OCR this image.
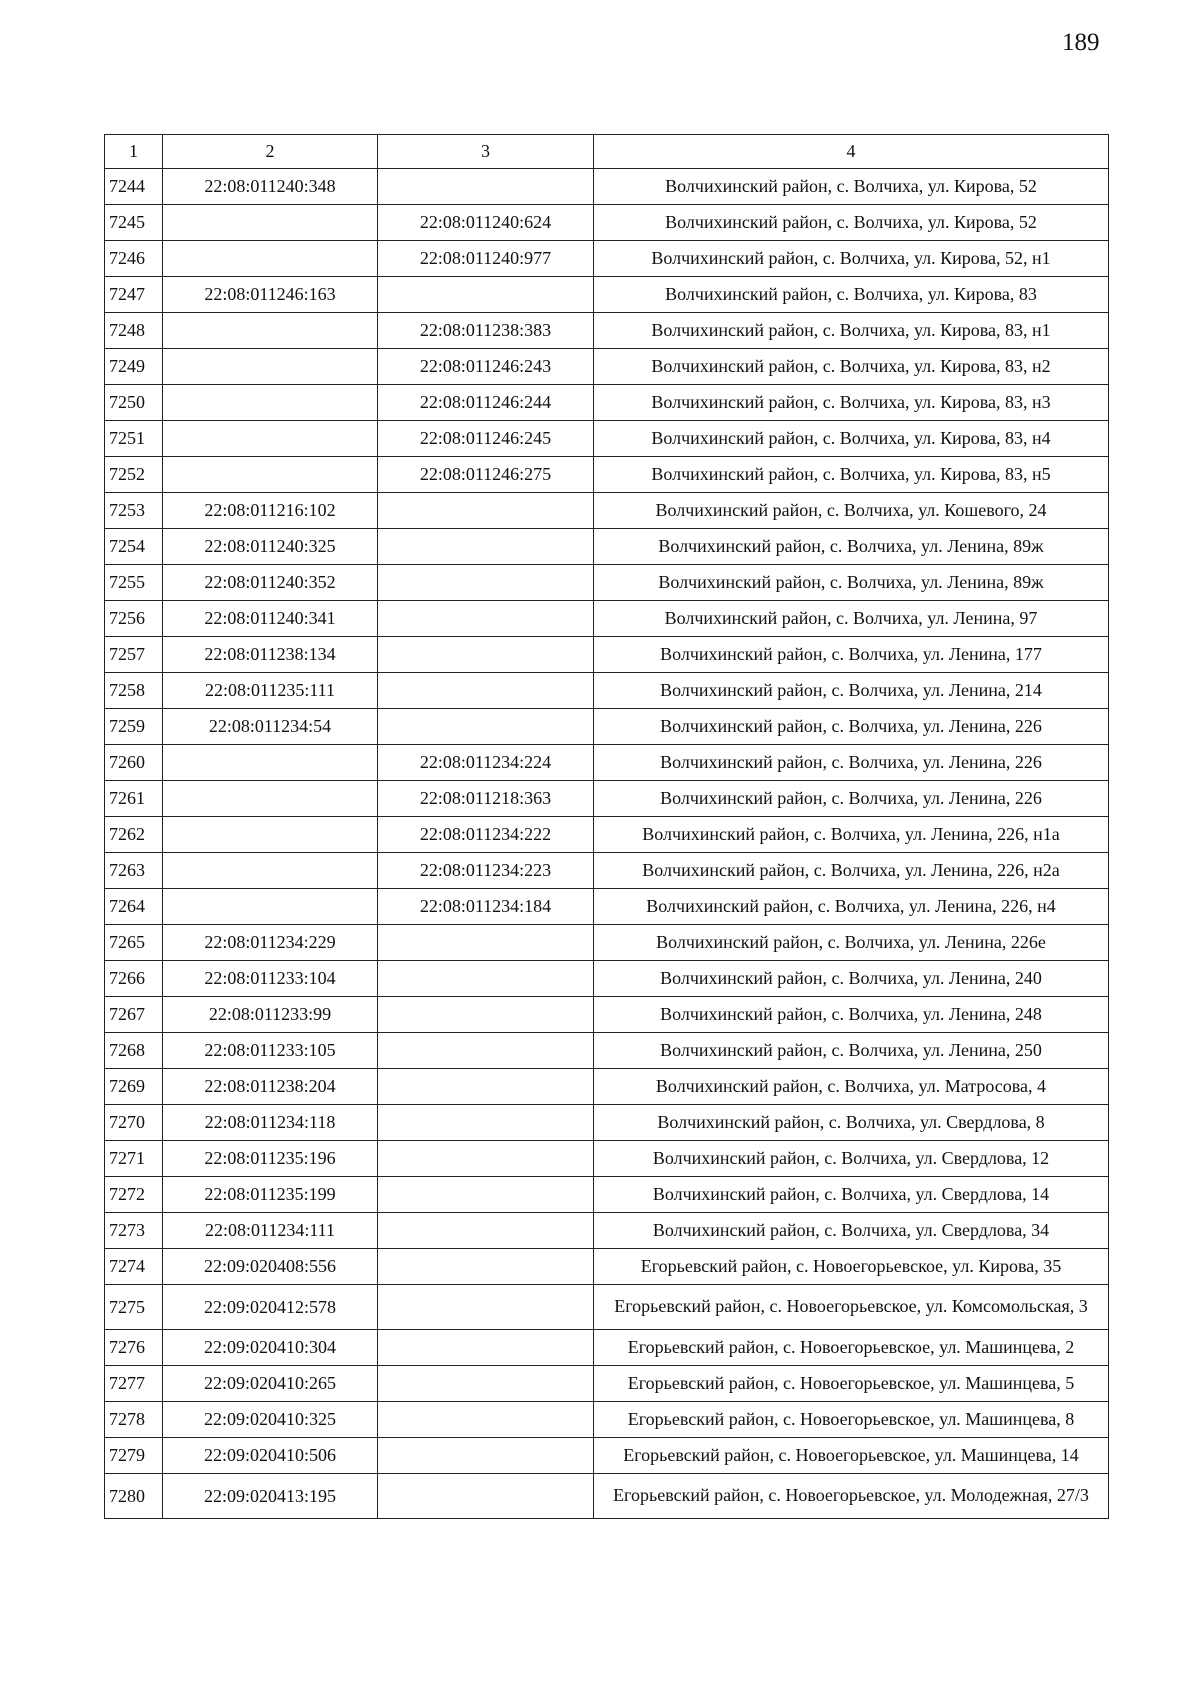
189
1	2	3	4
7244	22:08:011240:348		Волчихинский район, с. Волчиха, ул. Кирова, 52
7245		22:08:011240:624	Волчихинский район, с. Волчиха, ул. Кирова, 52
7246		22:08:011240:977	Волчихинский район, с. Волчиха, ул. Кирова, 52, н1
7247	22:08:011246:163		Волчихинский район, с. Волчиха, ул. Кирова, 83
7248		22:08:011238:383	Волчихинский район, с. Волчиха, ул. Кирова, 83, н1
7249		22:08:011246:243	Волчихинский район, с. Волчиха, ул. Кирова, 83, н2
7250		22:08:011246:244	Волчихинский район, с. Волчиха, ул. Кирова, 83, н3
7251		22:08:011246:245	Волчихинский район, с. Волчиха, ул. Кирова, 83, н4
7252		22:08:011246:275	Волчихинский район, с. Волчиха, ул. Кирова, 83, н5
7253	22:08:011216:102		Волчихинский район, с. Волчиха, ул. Кошевого, 24
7254	22:08:011240:325		Волчихинский район, с. Волчиха, ул. Ленина, 89ж
7255	22:08:011240:352		Волчихинский район, с. Волчиха, ул. Ленина, 89ж
7256	22:08:011240:341		Волчихинский район, с. Волчиха, ул. Ленина, 97
7257	22:08:011238:134		Волчихинский район, с. Волчиха, ул. Ленина, 177
7258	22:08:011235:111		Волчихинский район, с. Волчиха, ул. Ленина, 214
7259	22:08:011234:54		Волчихинский район, с. Волчиха, ул. Ленина, 226
7260		22:08:011234:224	Волчихинский район, с. Волчиха, ул. Ленина, 226
7261		22:08:011218:363	Волчихинский район, с. Волчиха, ул. Ленина, 226
7262		22:08:011234:222	Волчихинский район, с. Волчиха, ул. Ленина, 226, н1а
7263		22:08:011234:223	Волчихинский район, с. Волчиха, ул. Ленина, 226, н2а
7264		22:08:011234:184	Волчихинский район, с. Волчиха, ул. Ленина, 226, н4
7265	22:08:011234:229		Волчихинский район, с. Волчиха, ул. Ленина, 226е
7266	22:08:011233:104		Волчихинский район, с. Волчиха, ул. Ленина, 240
7267	22:08:011233:99		Волчихинский район, с. Волчиха, ул. Ленина, 248
7268	22:08:011233:105		Волчихинский район, с. Волчиха, ул. Ленина, 250
7269	22:08:011238:204		Волчихинский район, с. Волчиха, ул. Матросова, 4
7270	22:08:011234:118		Волчихинский район, с. Волчиха, ул. Свердлова, 8
7271	22:08:011235:196		Волчихинский район, с. Волчиха, ул. Свердлова, 12
7272	22:08:011235:199		Волчихинский район, с. Волчиха, ул. Свердлова, 14
7273	22:08:011234:111		Волчихинский район, с. Волчиха, ул. Свердлова, 34
7274	22:09:020408:556		Егорьевский район, с. Новоегорьевское, ул. Кирова, 35
7275	22:09:020412:578		Егорьевский район, с. Новоегорьевское, ул. Комсомольская, 3
7276	22:09:020410:304		Егорьевский район, с. Новоегорьевское, ул. Машинцева, 2
7277	22:09:020410:265		Егорьевский район, с. Новоегорьевское, ул. Машинцева, 5
7278	22:09:020410:325		Егорьевский район, с. Новоегорьевское, ул. Машинцева, 8
7279	22:09:020410:506		Егорьевский район, с. Новоегорьевское, ул. Машинцева, 14
7280	22:09:020413:195		Егорьевский район, с. Новоегорьевское, ул. Молодежная, 27/3
